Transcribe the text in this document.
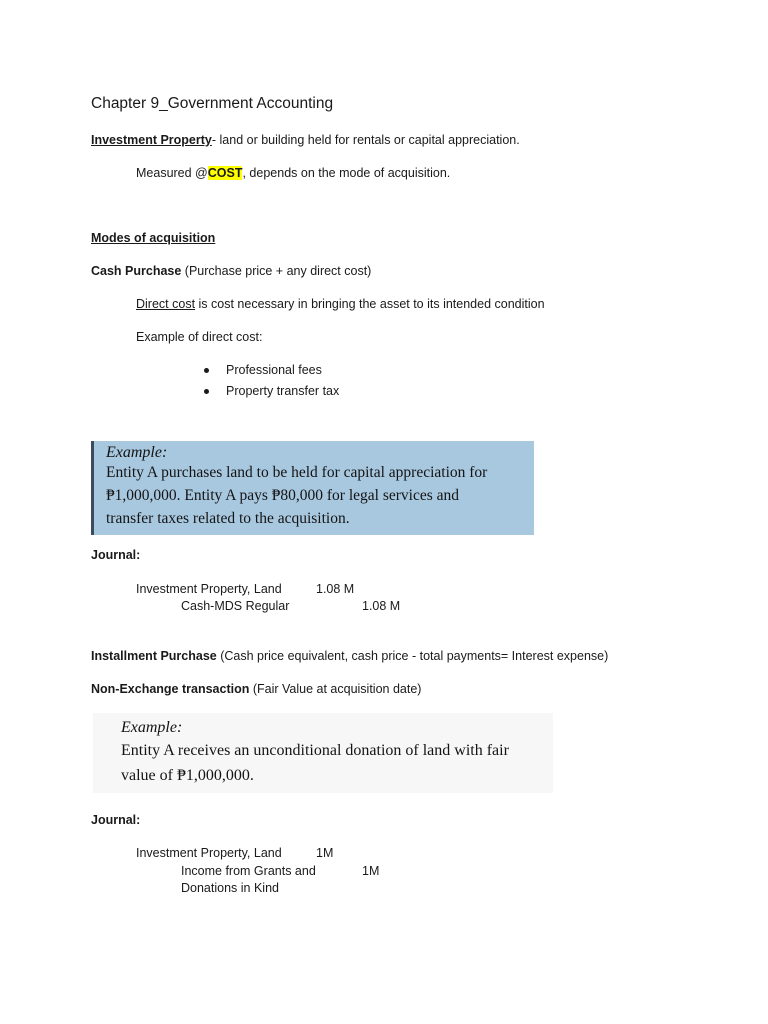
Chapter 9_Government Accounting
Investment Property- land or building held for rentals or capital appreciation.
Measured @COST, depends on the mode of acquisition.
Modes of acquisition
Cash Purchase (Purchase price + any direct cost)
Direct cost is cost necessary in bringing the asset to its intended condition
Example of direct cost:
Professional fees
Property transfer tax
Example:
Entity A purchases land to be held for capital appreciation for
₱1,000,000. Entity A pays ₱80,000 for legal services and
transfer taxes related to the acquisition.
Journal:
Investment Property, Land	1.08 M
Cash-MDS Regular	1.08 M
Installment Purchase (Cash price equivalent, cash price - total payments= Interest expense)
Non-Exchange transaction (Fair Value at acquisition date)
Example:
Entity A receives an unconditional donation of land with fair
value of ₱1,000,000.
Journal:
Investment Property, Land	1M
Income from Grants and	1M
Donations in Kind
